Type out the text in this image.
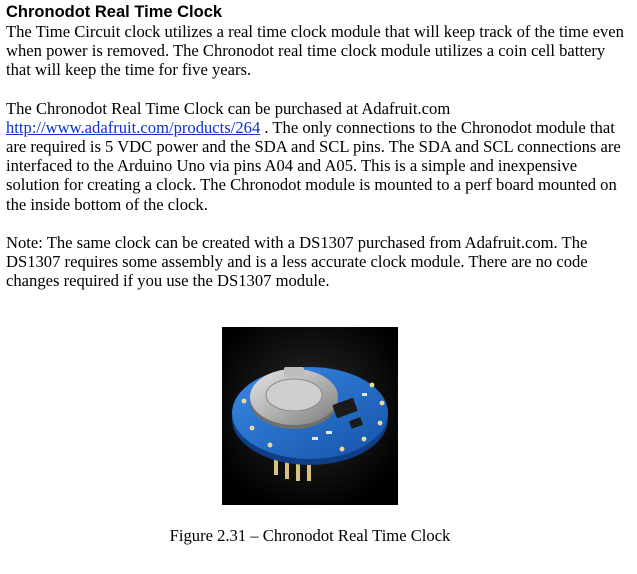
Chronodot Real Time Clock

The Time Circuit clock utilizes a real time clock module that will keep track of the time even when power is removed. The Chronodot real time clock module utilizes a coin cell battery that will keep the time for five years.

The Chronodot Real Time Clock can be purchased at Adafruit.com http://www.adafruit.com/products/264 . The only connections to the Chronodot module that are required is 5 VDC power and the SDA and SCL pins. The SDA and SCL connections are interfaced to the Arduino Uno via pins A04 and A05. This is a simple and inexpensive solution for creating a clock. The Chronodot module is mounted to a perf board mounted on the inside bottom of the clock.

Note: The same clock can be created with a DS1307 purchased from Adafruit.com. The DS1307 requires some assembly and is a less accurate clock module. There are no code changes required if you use the DS1307 module.

Figure 2.31 – Chronodot Real Time Clock
